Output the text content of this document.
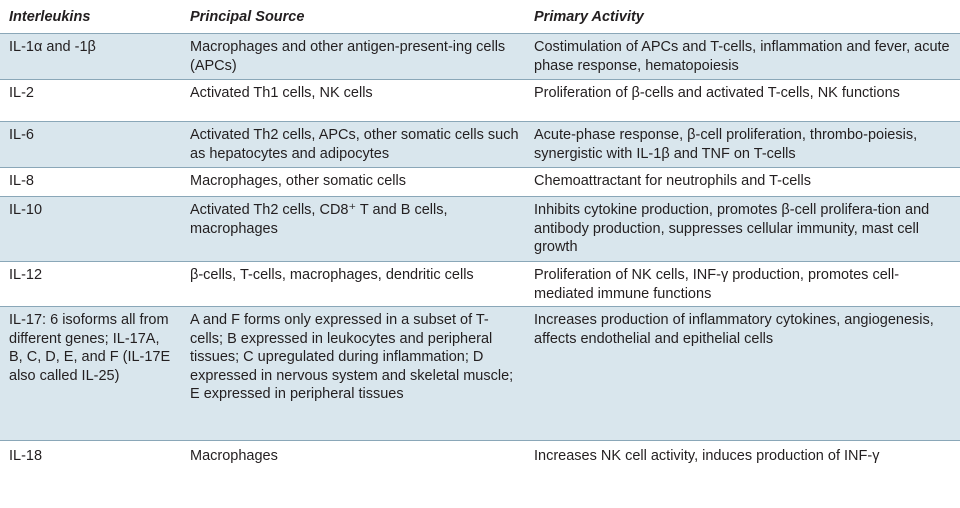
Interleukins	Principal Source	Primary Activity
IL-1α and -1β	Macrophages and other antigen-present-ing cells (APCs)	Costimulation of APCs and T-cells, inflammation and fever, acute phase response, hematopoiesis
IL-2	Activated Th1 cells, NK cells	Proliferation of β-cells and activated T-cells, NK functions
IL-6	Activated Th2 cells, APCs, other somatic cells such as hepatocytes and adipocytes	Acute-phase response, β-cell proliferation, thrombo-poiesis, synergistic with IL-1β and TNF on T-cells
IL-8	Macrophages, other somatic cells	Chemoattractant for neutrophils and T-cells
IL-10	Activated Th2 cells, CD8⁺ T and B cells, macrophages	Inhibits cytokine production, promotes β-cell prolifera-tion and antibody production, suppresses cellular immunity, mast cell growth
IL-12	β-cells, T-cells, macrophages, dendritic cells	Proliferation of NK cells, INF-γ production, promotes cell-mediated immune functions
IL-17: 6 isoforms all from different genes; IL-17A, B, C, D, E, and F (IL-17E also called IL-25)	A and F forms only expressed in a subset of T-cells; B expressed in leukocytes and peripheral tissues; C upregulated during inflammation; D expressed in nervous system and skeletal muscle; E expressed in peripheral tissues	Increases production of inflammatory cytokines, angiogenesis, affects endothelial and epithelial cells
IL-18	Macrophages	Increases NK cell activity, induces production of INF-γ
